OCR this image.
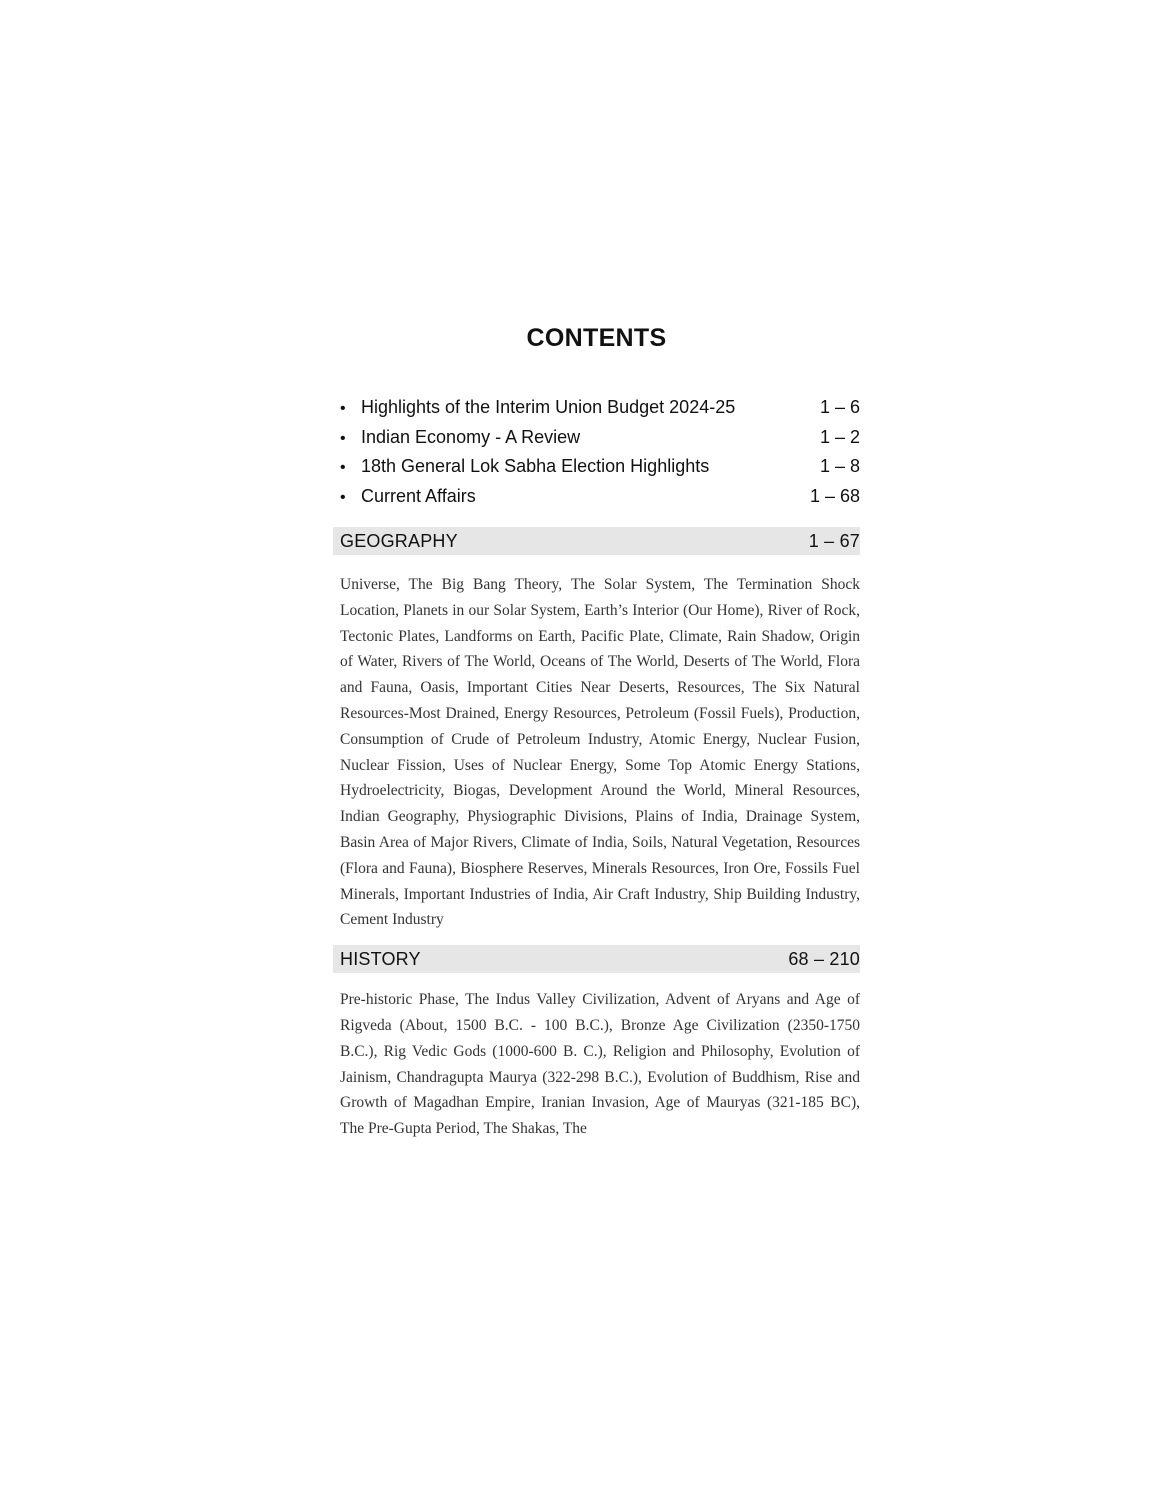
CONTENTS
• Highlights of the Interim Union Budget 2024-25	1 – 6
• Indian Economy - A Review	1 – 2
• 18th General Lok Sabha Election Highlights	1 – 8
• Current Affairs	1 – 68
GEOGRAPHY	1 – 67

Universe, The Big Bang Theory, The Solar System, The Termination Shock Location, Planets in our Solar System, Earth’s Interior (Our Home), River of Rock, Tectonic Plates, Landforms on Earth, Pacific Plate, Climate, Rain Shadow, Origin of Water, Rivers of The World, Oceans of The World, Deserts of The World, Flora and Fauna, Oasis, Important Cities Near Deserts, Resources, The Six Natural Resources-Most Drained, Energy Resources, Petroleum (Fossil Fuels), Production, Consumption of Crude of Petroleum Industry, Atomic Energy, Nuclear Fusion, Nuclear Fission, Uses of Nuclear Energy, Some Top Atomic Energy Stations, Hydroelectricity, Biogas, Development Around the World, Mineral Resources, Indian Geography, Physiographic Divisions, Plains of India, Drainage System, Basin Area of Major Rivers, Climate of India, Soils, Natural Vegetation, Resources (Flora and Fauna), Biosphere Reserves, Minerals Resources, Iron Ore, Fossils Fuel Minerals, Important Industries of India, Air Craft Industry, Ship Building Industry, Cement Industry

HISTORY	68 – 210

Pre-historic Phase, The Indus Valley Civilization, Advent of Aryans and Age of Rigveda (About, 1500 B.C. - 100 B.C.), Bronze Age Civilization (2350-1750 B.C.), Rig Vedic Gods (1000-600 B. C.), Religion and Philosophy, Evolution of Jainism, Chandragupta Maurya (322-298 B.C.), Evolution of Buddhism, Rise and Growth of Magadhan Empire, Iranian Invasion, Age of Mauryas (321-185 BC), The Pre-Gupta Period, The Shakas, The
